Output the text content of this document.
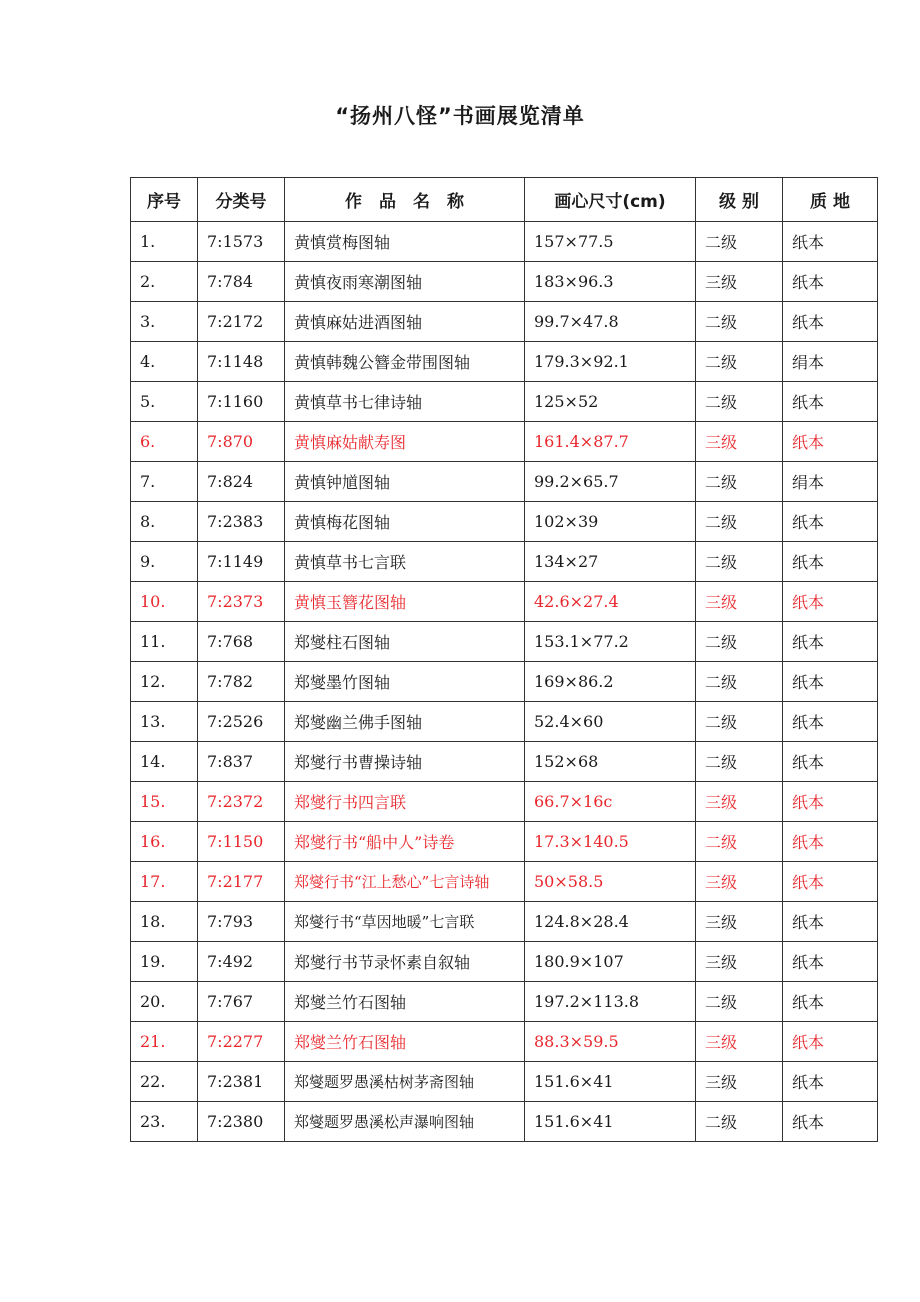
“扬州八怪”书画展览清单
序号	分类号	作　品　名　称	画心尺寸(cm)	级 别	质 地
1.	7:1573	黄慎赏梅图轴	157×77.5	二级	纸本
2.	7:784	黄慎夜雨寒潮图轴	183×96.3	三级	纸本
3.	7:2172	黄慎麻姑进酒图轴	99.7×47.8	二级	纸本
4.	7:1148	黄慎韩魏公簪金带围图轴	179.3×92.1	二级	绢本
5.	7:1160	黄慎草书七律诗轴	125×52	二级	纸本
6.	7:870	黄慎麻姑献寿图	161.4×87.7	三级	纸本
7.	7:824	黄慎钟馗图轴	99.2×65.7	二级	绢本
8.	7:2383	黄慎梅花图轴	102×39	二级	纸本
9.	7:1149	黄慎草书七言联	134×27	二级	纸本
10.	7:2373	黄慎玉簪花图轴	42.6×27.4	三级	纸本
11.	7:768	郑燮柱石图轴	153.1×77.2	二级	纸本
12.	7:782	郑燮墨竹图轴	169×86.2	二级	纸本
13.	7:2526	郑燮幽兰佛手图轴	52.4×60	二级	纸本
14.	7:837	郑燮行书曹操诗轴	152×68	二级	纸本
15.	7:2372	郑燮行书四言联	66.7×16c	三级	纸本
16.	7:1150	郑燮行书“船中人”诗卷	17.3×140.5	二级	纸本
17.	7:2177	郑燮行书“江上愁心”七言诗轴	50×58.5	三级	纸本
18.	7:793	郑燮行书“草因地暖”七言联	124.8×28.4	三级	纸本
19.	7:492	郑燮行书节录怀素自叙轴	180.9×107	三级	纸本
20.	7:767	郑燮兰竹石图轴	197.2×113.8	二级	纸本
21.	7:2277	郑燮兰竹石图轴	88.3×59.5	三级	纸本
22.	7:2381	郑燮题罗愚溪枯树茅斋图轴	151.6×41	三级	纸本
23.	7:2380	郑燮题罗愚溪松声瀑响图轴	151.6×41	二级	纸本
